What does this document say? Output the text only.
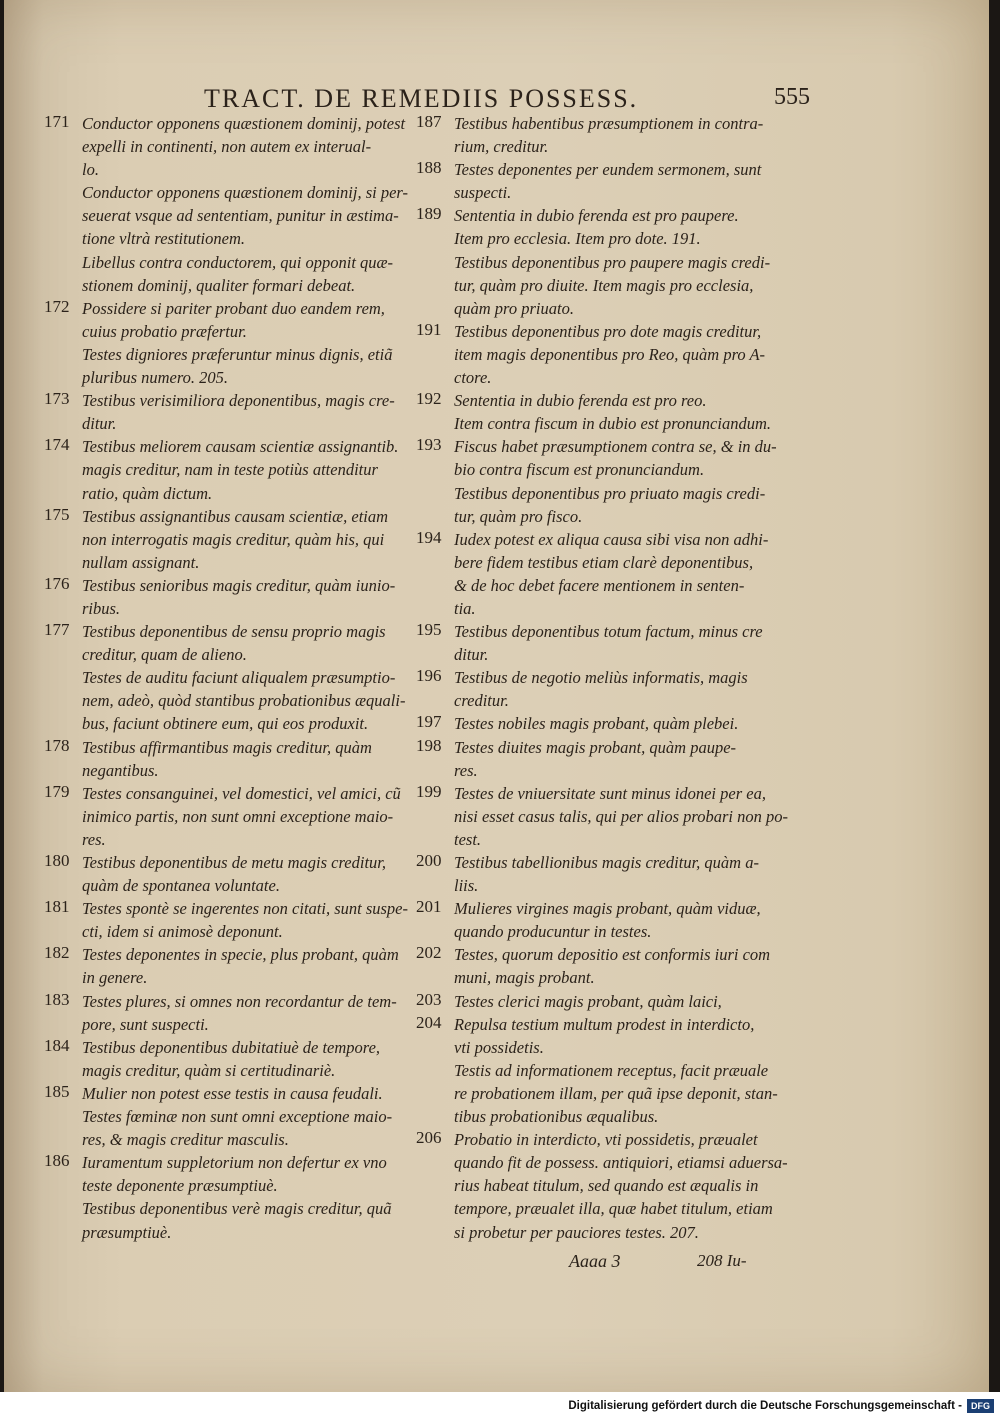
TRACT. DE REMEDIIS POSSESS.	555
171 Conductor opponens quæstionem dominij, potest
expelli in continenti, non autem ex interual-
lo.
Conductor opponens quæstionem dominij, si per-
seuerat vsque ad sententiam, punitur in æstima-
tione vltrà restitutionem.
Libellus contra conductorem, qui opponit quæ-
stionem dominij, qualiter formari debeat.
172 Possidere si pariter probant duo eandem rem,
cuius probatio præfertur.
Testes digniores præferuntur minus dignis, etiã
pluribus numero. 205.
173 Testibus verisimiliora deponentibus, magis cre-
ditur.
174 Testibus meliorem causam scientiæ assignantib.
magis creditur, nam in teste potiùs attenditur
ratio, quàm dictum.
175 Testibus assignantibus causam scientiæ, etiam
non interrogatis magis creditur, quàm his, qui
nullam assignant.
176 Testibus senioribus magis creditur, quàm iunio-
ribus.
177 Testibus deponentibus de sensu proprio magis
creditur, quam de alieno.
Testes de auditu faciunt aliqualem præsumptio-
nem, adeò, quòd stantibus probationibus æquali-
bus, faciunt obtinere eum, qui eos produxit.
178 Testibus affirmantibus magis creditur, quàm
negantibus.
179 Testes consanguinei, vel domestici, vel amici, cũ
inimico partis, non sunt omni exceptione maio-
res.
180 Testibus deponentibus de metu magis creditur,
quàm de spontanea voluntate.
181 Testes spontè se ingerentes non citati, sunt suspe-
cti, idem si animosè deponunt.
182 Testes deponentes in specie, plus probant, quàm
in genere.
183 Testes plures, si omnes non recordantur de tem-
pore, sunt suspecti.
184 Testibus deponentibus dubitatiuè de tempore,
magis creditur, quàm si certitudinariè.
185 Mulier non potest esse testis in causa feudali.
Testes fœminæ non sunt omni exceptione maio-
res, & magis creditur masculis.
186 Iuramentum suppletorium non defertur ex vno
teste deponente præsumptiuè.
Testibus deponentibus verè magis creditur, quã
præsumptiuè.
187 Testibus habentibus præsumptionem in contra-
rium, creditur.
188 Testes deponentes per eundem sermonem, sunt
suspecti.
189 Sententia in dubio ferenda est pro paupere.
Item pro ecclesia. Item pro dote. 191.
Testibus deponentibus pro paupere magis credi-
tur, quàm pro diuite. Item magis pro ecclesia,
quàm pro priuato.
191 Testibus deponentibus pro dote magis creditur,
item magis deponentibus pro Reo, quàm pro A-
ctore.
192 Sententia in dubio ferenda est pro reo.
Item contra fiscum in dubio est pronunciandum.
193 Fiscus habet præsumptionem contra se, & in du-
bio contra fiscum est pronunciandum.
Testibus deponentibus pro priuato magis credi-
tur, quàm pro fisco.
194 Iudex potest ex aliqua causa sibi visa non adhi-
bere fidem testibus etiam clarè deponentibus,
& de hoc debet facere mentionem in senten-
tia.
195 Testibus deponentibus totum factum, minus cre
ditur.
196 Testibus de negotio meliùs informatis, magis
creditur.
197 Testes nobiles magis probant, quàm plebei.
198 Testes diuites magis probant, quàm paupe-
res.
199 Testes de vniuersitate sunt minus idonei per ea,
nisi esset casus talis, qui per alios probari non po-
test.
200 Testibus tabellionibus magis creditur, quàm a-
liis.
201 Mulieres virgines magis probant, quàm viduæ,
quando producuntur in testes.
202 Testes, quorum depositio est conformis iuri com
muni, magis probant.
203 Testes clerici magis probant, quàm laici,
204 Repulsa testium multum prodest in interdicto,
vti possidetis.
Testis ad informationem receptus, facit præuale
re probationem illam, per quã ipse deponit, stan-
tibus probationibus æqualibus.
206 Probatio in interdicto, vti possidetis, præualet
quando fit de possess. antiquiori, etiamsi aduersa-
rius habeat titulum, sed quando est æqualis in
tempore, præualet illa, quæ habet titulum, etiam
si probetur per pauciores testes. 207.
Aaaa 3	208 Iu-
Digitalisierung gefördert durch die Deutsche Forschungsgemeinschaft -	DFG
